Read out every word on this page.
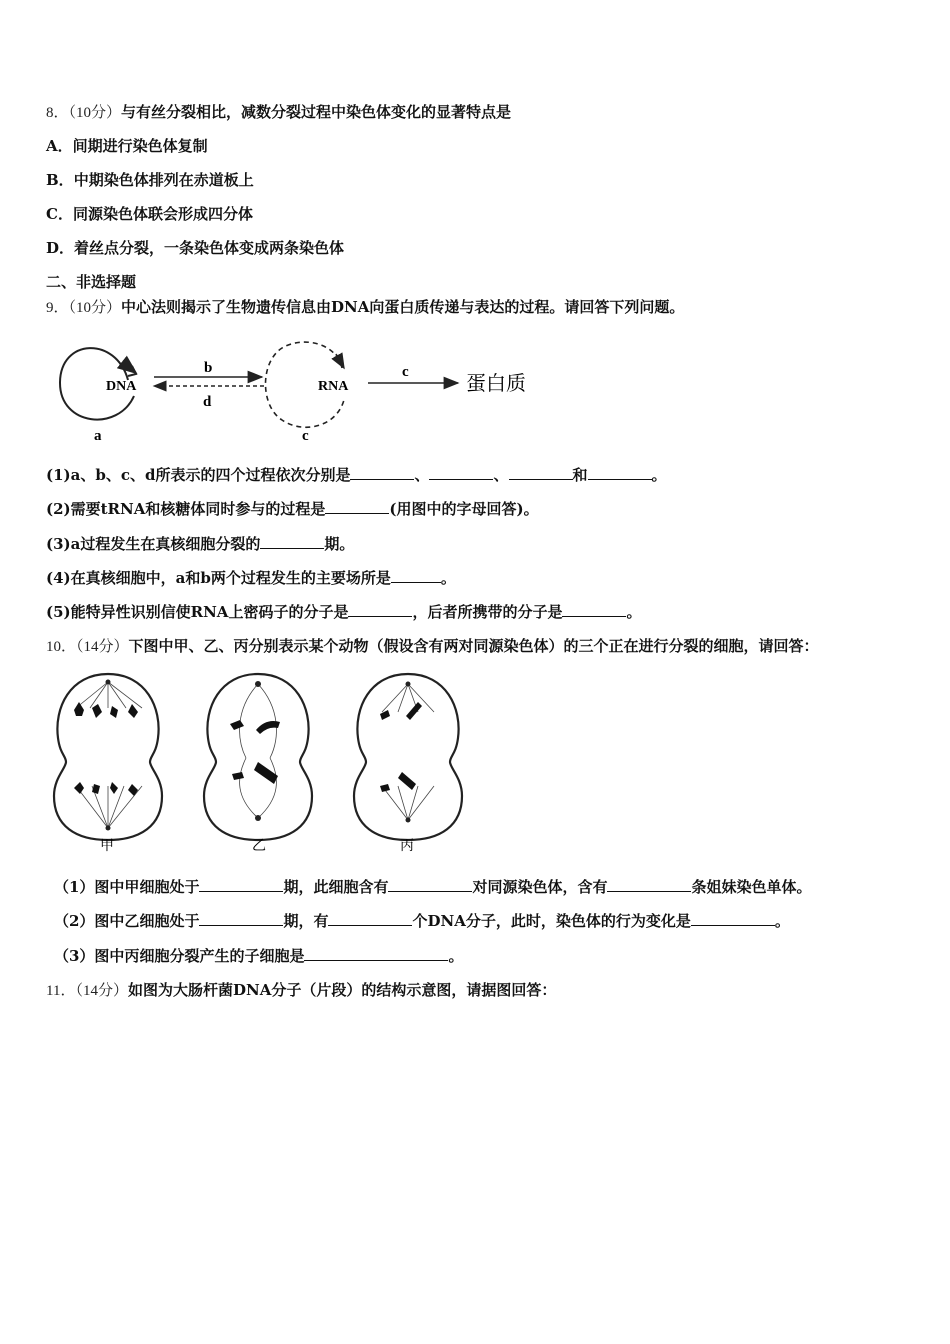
8．（10分）与有丝分裂相比，减数分裂过程中染色体变化的显著特点是
A．间期进行染色体复制
B．中期染色体排列在赤道板上
C．同源染色体联会形成四分体
D．着丝点分裂，一条染色体变成两条染色体
二、非选择题
9．（10分）中心法则揭示了生物遗传信息由DNA向蛋白质传递与表达的过程。请回答下列问题。
DNA
a
b
d
RNA
c
c
蛋白质
(1)a、b、c、d所表示的四个过程依次分别是	、	、	和	。
(2)需要tRNA和核糖体同时参与的过程是	(用图中的字母回答)。
(3)a过程发生在真核细胞分裂的	期。
(4)在真核细胞中，a和b两个过程发生的主要场所是	。
(5)能特异性识别信使RNA上密码子的分子是	，后者所携带的分子是	。
10．（14分）下图中甲、乙、丙分别表示某个动物（假设含有两对同源染色体）的三个正在进行分裂的细胞，请回答：
甲	乙	丙
（1）图中甲细胞处于	期，此细胞含有	对同源染色体，含有	条姐妹染色单体。
（2）图中乙细胞处于	期，有	个DNA分子，此时，染色体的行为变化是	。
（3）图中丙细胞分裂产生的子细胞是	。
11．（14分）如图为大肠杆菌DNA分子（片段）的结构示意图，请据图回答：
